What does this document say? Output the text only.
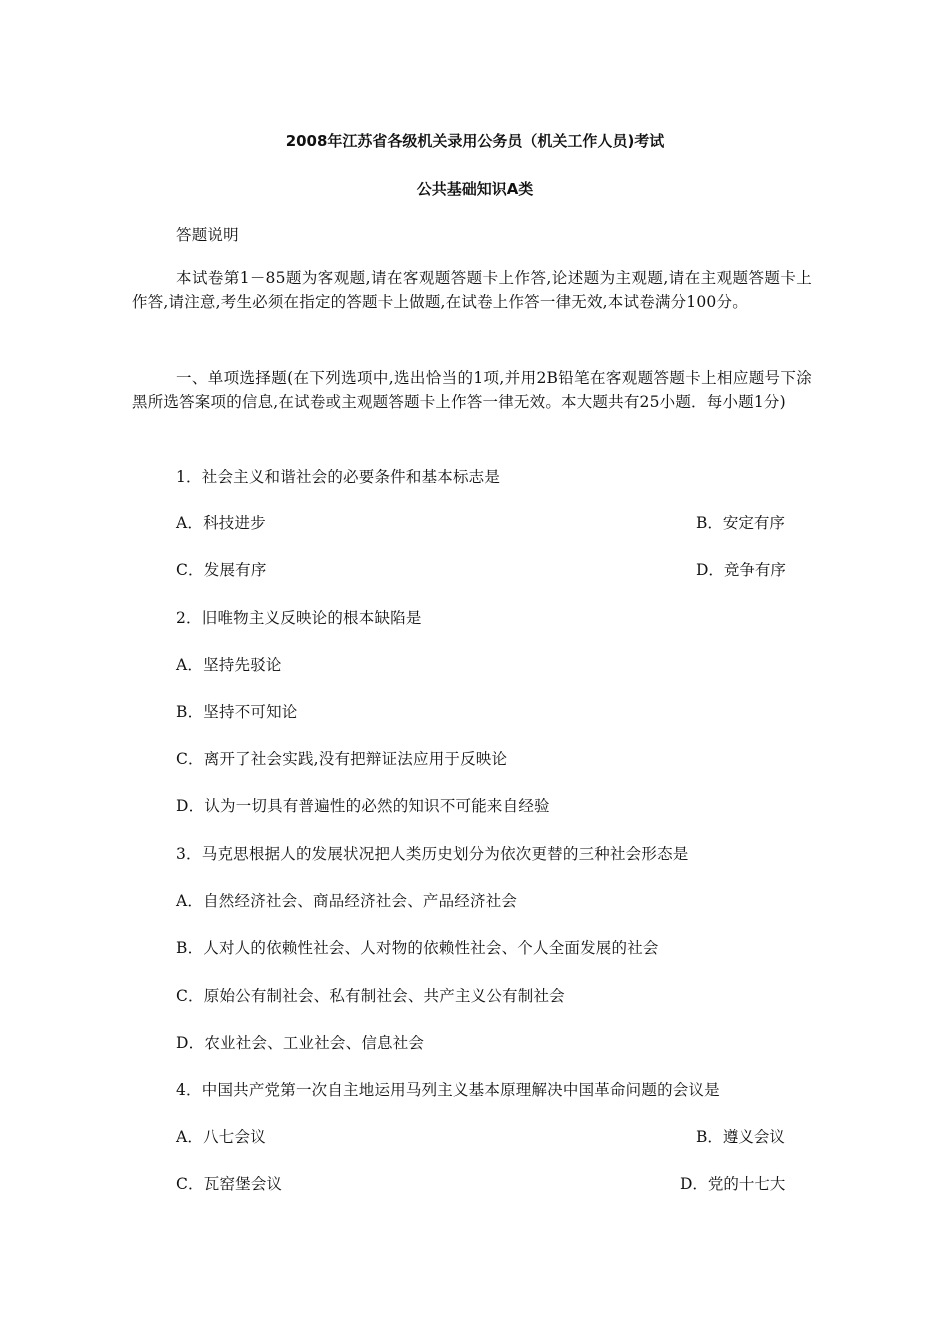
2008年江苏省各级机关录用公务员（机关工作人员)考试
公共基础知识A类
答题说明
本试卷第1－85题为客观题,请在客观题答题卡上作答,论述题为主观题,请在主观题答题卡上作答,请注意,考生必须在指定的答题卡上做题,在试卷上作答一律无效,本试卷满分100分。
一、单项选择题(在下列选项中,选出恰当的1项,并用2B铅笔在客观题答题卡上相应题号下涂黑所选答案项的信息,在试卷或主观题答题卡上作答一律无效。本大题共有25小题．每小题1分)
1．社会主义和谐社会的必要条件和基本标志是
A．科技进步	B．安定有序
C．发展有序	D．竞争有序
2．旧唯物主义反映论的根本缺陷是
A．坚持先驳论
B．坚持不可知论
C．离开了社会实践,没有把辩证法应用于反映论
D．认为一切具有普遍性的必然的知识不可能来自经验
3．马克思根据人的发展状况把人类历史划分为依次更替的三种社会形态是
A．自然经济社会、商品经济社会、产品经济社会
B．人对人的依赖性社会、人对物的依赖性社会、个人全面发展的社会
C．原始公有制社会、私有制社会、共产主义公有制社会
D．农业社会、工业社会、信息社会
4．中国共产党第一次自主地运用马列主义基本原理解决中国革命问题的会议是
A．八七会议	B．遵义会议
C．瓦窑堡会议	D．党的十七大
